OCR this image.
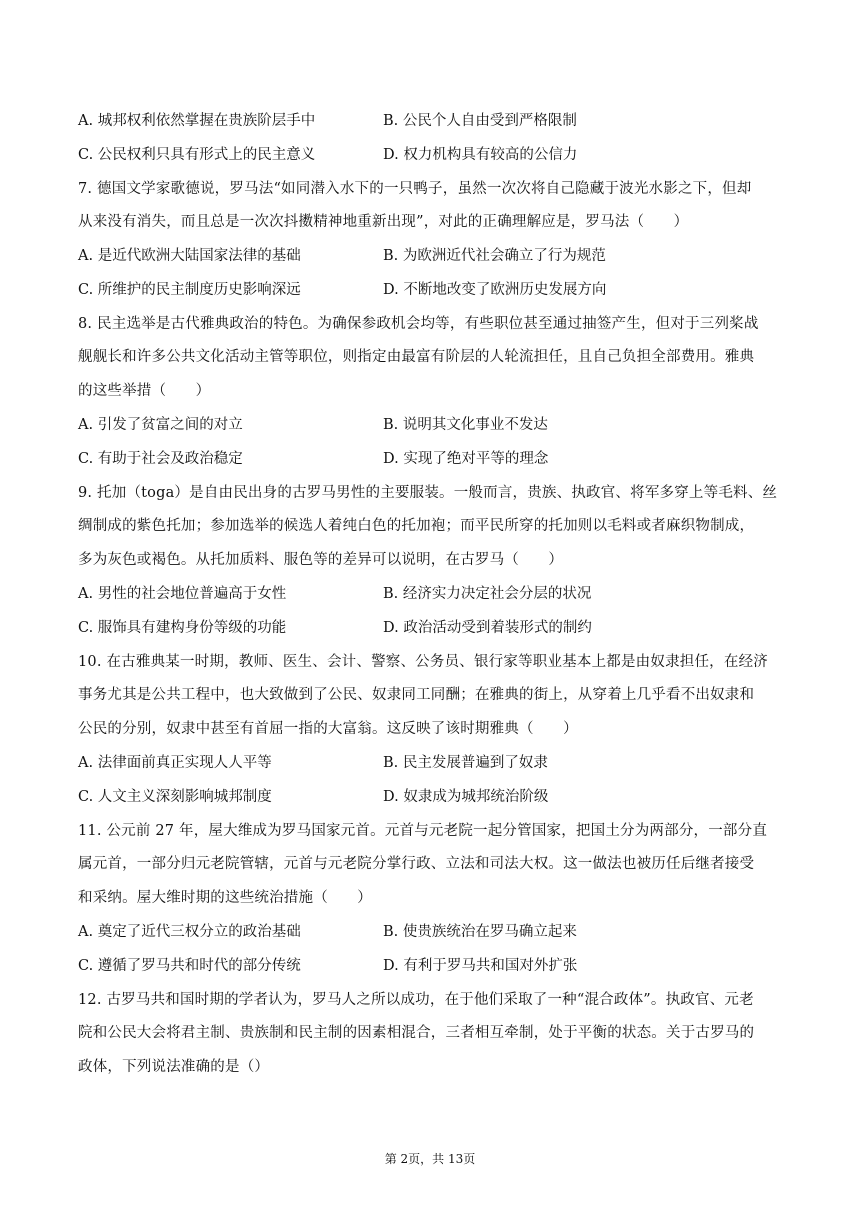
A. 城邦权利依然掌握在贵族阶层手中	B. 公民个人自由受到严格限制
C. 公民权利只具有形式上的民主意义	D. 权力机构具有较高的公信力
7. 德国文学家歌德说，罗马法“如同潜入水下的一只鸭子，虽然一次次将自己隐藏于波光水影之下，但却
从来没有消失，而且总是一次次抖擞精神地重新出现”，对此的正确理解应是，罗马法（　　）
A. 是近代欧洲大陆国家法律的基础	B. 为欧洲近代社会确立了行为规范
C. 所维护的民主制度历史影响深远	D. 不断地改变了欧洲历史发展方向
8. 民主选举是古代雅典政治的特色。为确保参政机会均等，有些职位甚至通过抽签产生，但对于三列桨战
舰舰长和许多公共文化活动主管等职位，则指定由最富有阶层的人轮流担任，且自己负担全部费用。雅典
的这些举措（　　）
A. 引发了贫富之间的对立	B. 说明其文化事业不发达
C. 有助于社会及政治稳定	D. 实现了绝对平等的理念
9. 托加（toga）是自由民出身的古罗马男性的主要服装。一般而言，贵族、执政官、将军多穿上等毛料、丝
绸制成的紫色托加；参加选举的候选人着纯白色的托加袍；而平民所穿的托加则以毛料或者麻织物制成，
多为灰色或褐色。从托加质料、服色等的差异可以说明，在古罗马（　　）
A. 男性的社会地位普遍高于女性	B. 经济实力决定社会分层的状况
C. 服饰具有建构身份等级的功能	D. 政治活动受到着装形式的制约
10. 在古雅典某一时期，教师、医生、会计、警察、公务员、银行家等职业基本上都是由奴隶担任，在经济
事务尤其是公共工程中，也大致做到了公民、奴隶同工同酬；在雅典的街上，从穿着上几乎看不出奴隶和
公民的分别，奴隶中甚至有首屈一指的大富翁。这反映了该时期雅典（　　）
A. 法律面前真正实现人人平等	B. 民主发展普遍到了奴隶
C. 人文主义深刻影响城邦制度	D. 奴隶成为城邦统治阶级
11. 公元前 27 年，屋大维成为罗马国家元首。元首与元老院一起分管国家，把国土分为两部分，一部分直
属元首，一部分归元老院管辖，元首与元老院分掌行政、立法和司法大权。这一做法也被历任后继者接受
和采纳。屋大维时期的这些统治措施（　　）
A. 奠定了近代三权分立的政治基础	B. 使贵族统治在罗马确立起来
C. 遵循了罗马共和时代的部分传统	D. 有利于罗马共和国对外扩张
12. 古罗马共和国时期的学者认为，罗马人之所以成功，在于他们采取了一种“混合政体”。执政官、元老
院和公民大会将君主制、贵族制和民主制的因素相混合，三者相互牵制，处于平衡的状态。关于古罗马的
政体，下列说法准确的是（）
第 2页，共 13页
